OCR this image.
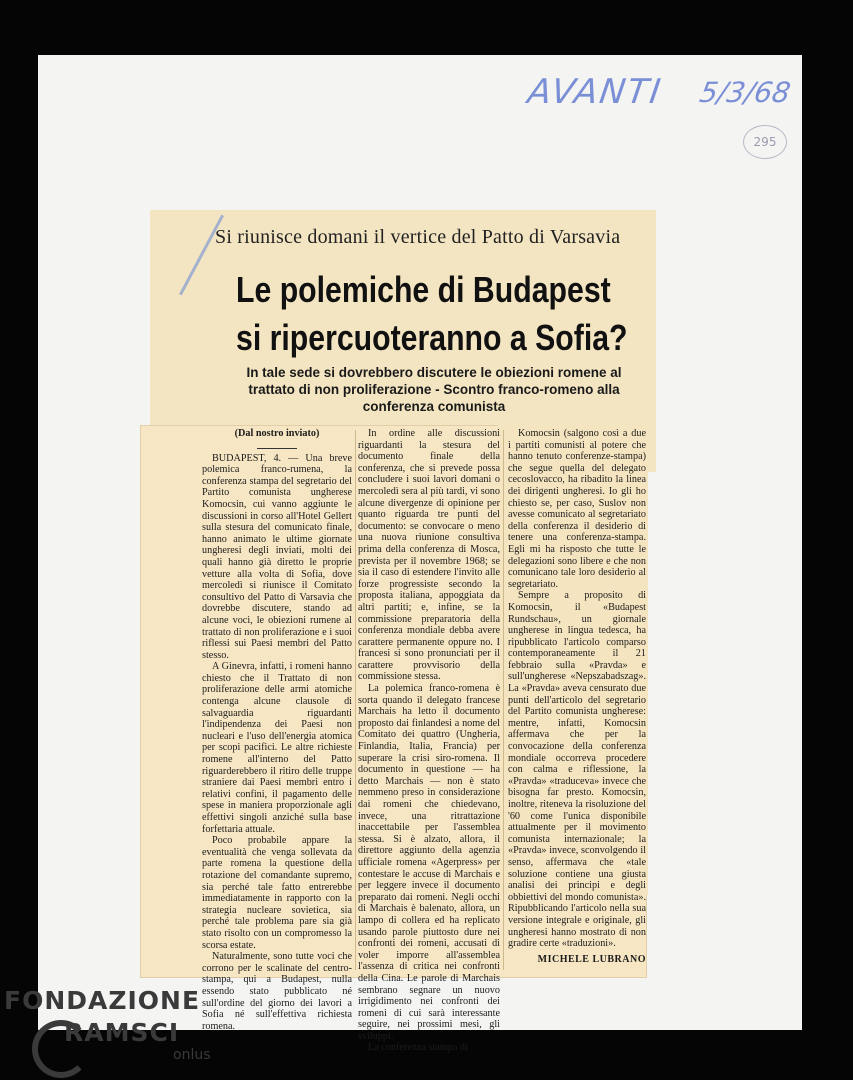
AVANTI 5/3/68
295
Si riunisce domani il vertice del Patto di Varsavia
Le polemiche di Budapest
si ripercuoteranno a Sofia?
In tale sede si dovrebbero discutere le obiezioni romene al trattato di non proliferazione - Scontro franco-romeno alla conferenza comunista

(Dal nostro inviato)

BUDAPEST, 4. — Una breve polemica franco-rumena, la conferenza stampa del segretario del Partito comunista ungherese Komocsin, cui vanno aggiunte le discussioni in corso all'Hotel Gellert sulla stesura del comunicato finale, hanno animato le ultime giornate ungheresi degli inviati, molti dei quali hanno già diretto le proprie vetture alla volta di Sofia, dove mercoledì si riunisce il Comitato consultivo del Patto di Varsavia che dovrebbe discutere, stando ad alcune voci, le obiezioni rumene al trattato di non proliferazione e i suoi riflessi sui Paesi membri del Patto stesso.

A Ginevra, infatti, i romeni hanno chiesto che il Trattato di non proliferazione delle armi atomiche contenga alcune clausole di salvaguardia riguardanti l'indipendenza dei Paesi non nucleari e l'uso dell'energia atomica per scopi pacifici. Le altre richieste romene all'interno del Patto riguarderebbero il ritiro delle truppe straniere dai Paesi membri entro i relativi confini, il pagamento delle spese in maniera proporzionale agli effettivi singoli anziché sulla base forfettaria attuale.

Poco probabile appare la eventualità che venga sollevata da parte romena la questione della rotazione del comandante supremo, sia perché tale fatto entrerebbe immediatamente in rapporto con la strategia nucleare sovietica, sia perché tale problema pare sia già stato risolto con un compromesso la scorsa estate.

Naturalmente, sono tutte voci che corrono per le scalinate del centro-stampa, qui a Budapest, nulla essendo stato pubblicato né sull'ordine del giorno dei lavori a Sofia né sull'effettiva richiesta romena.

In ordine alle discussioni riguardanti la stesura del documento finale della conferenza, che si prevede possa concludere i suoi lavori domani o mercoledì sera al più tardi, vi sono alcune divergenze di opinione per quanto riguarda tre punti del documento: se convocare o meno una nuova riunione consultiva prima della conferenza di Mosca, prevista per il novembre 1968; se sia il caso di estendere l'invito alle forze progressiste secondo la proposta italiana, appoggiata da altri partiti; e, infine, se la commissione preparatoria della conferenza mondiale debba avere carattere permanente oppure no. I francesi si sono pronunciati per il carattere provvisorio della commissione stessa.

La polemica franco-romena è sorta quando il delegato francese Marchais ha letto il documento proposto dai finlandesi a nome del Comitato dei quattro (Ungheria, Finlandia, Italia, Francia) per superare la crisi siro-romena. Il documento in questione — ha detto Marchais — non è stato nemmeno preso in considerazione dai romeni che chiedevano, invece, una ritrattazione inaccettabile per l'assemblea stessa. Si è alzato, allora, il direttore aggiunto della agenzia ufficiale romena «Agerpress» per contestare le accuse di Marchais e per leggere invece il documento preparato dai romeni. Negli occhi di Marchais è balenato, allora, un lampo di collera ed ha replicato usando parole piuttosto dure nei confronti dei romeni, accusati di voler imporre all'assemblea l'assenza di critica nei confronti della Cina. Le parole di Marchais sembrano segnare un nuovo irrigidimento nei confronti dei romeni di cui sarà interessante seguire, nei prossimi mesi, gli sviluppi.

La conferenza stampa di

Komocsin (salgono così a due i partiti comunisti al potere che hanno tenuto conferenze-stampa) che segue quella del delegato cecoslovacco, ha ribadito la linea dei dirigenti ungheresi. Io gli ho chiesto se, per caso, Suslov non avesse comunicato al segretariato della conferenza il desiderio di tenere una conferenza-stampa. Egli mi ha risposto che tutte le delegazioni sono libere e che non comunicano tale loro desiderio al segretariato.

Sempre a proposito di Komocsin, il «Budapest Rundschau», un giornale ungherese in lingua tedesca, ha ripubblicato l'articolo comparso contemporaneamente il 21 febbraio sulla «Pravda» e sull'ungherese «Nepszabadszag». La «Pravda» aveva censurato due punti dell'articolo del segretario del Partito comunista ungherese: mentre, infatti, Komocsin affermava che per la convocazione della conferenza mondiale occorreva procedere con calma e riflessione, la «Pravda» «traduceva» invece che bisogna far presto. Komocsin, inoltre, riteneva la risoluzione del '60 come l'unica disponibile attualmente per il movimento comunista internazionale; la «Pravda» invece, sconvolgendo il senso, affermava che «tale soluzione contiene una giusta analisi dei principi e degli obbiettivi del mondo comunista». Ripubblicando l'articolo nella sua versione integrale e originale, gli ungheresi hanno mostrato di non gradire certe «traduzioni».

MICHELE LUBRANO

FONDAZIONE
RAMSCI
onlus
